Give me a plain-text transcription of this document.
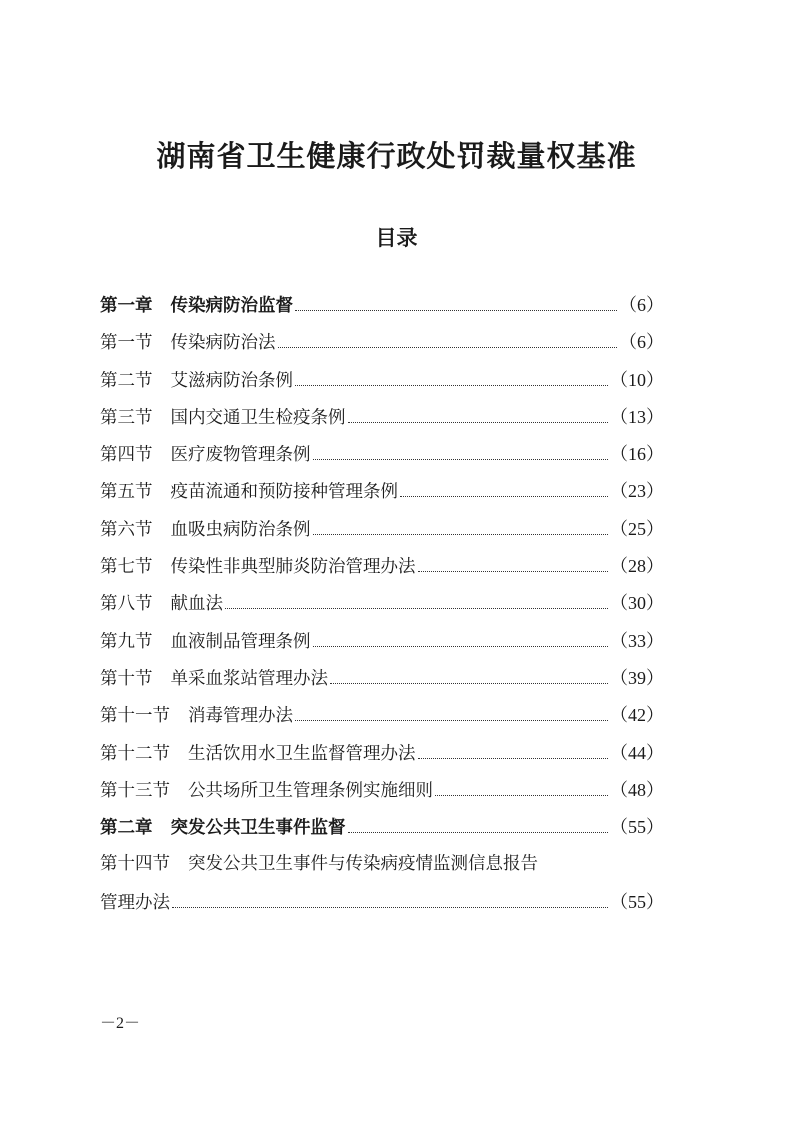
湖南省卫生健康行政处罚裁量权基准
目录
第一章 传染病防治监督	（6）
第一节 传染病防治法	（6）
第二节 艾滋病防治条例	（10）
第三节 国内交通卫生检疫条例	（13）
第四节 医疗废物管理条例	（16）
第五节 疫苗流通和预防接种管理条例	（23）
第六节 血吸虫病防治条例	（25）
第七节 传染性非典型肺炎防治管理办法	（28）
第八节 献血法	（30）
第九节 血液制品管理条例	（33）
第十节 单采血浆站管理办法	（39）
第十一节 消毒管理办法	（42）
第十二节 生活饮用水卫生监督管理办法	（44）
第十三节 公共场所卫生管理条例实施细则	（48）
第二章 突发公共卫生事件监督	（55）
第十四节 突发公共卫生事件与传染病疫情监测信息报告
管理办法	（55）
－2－
